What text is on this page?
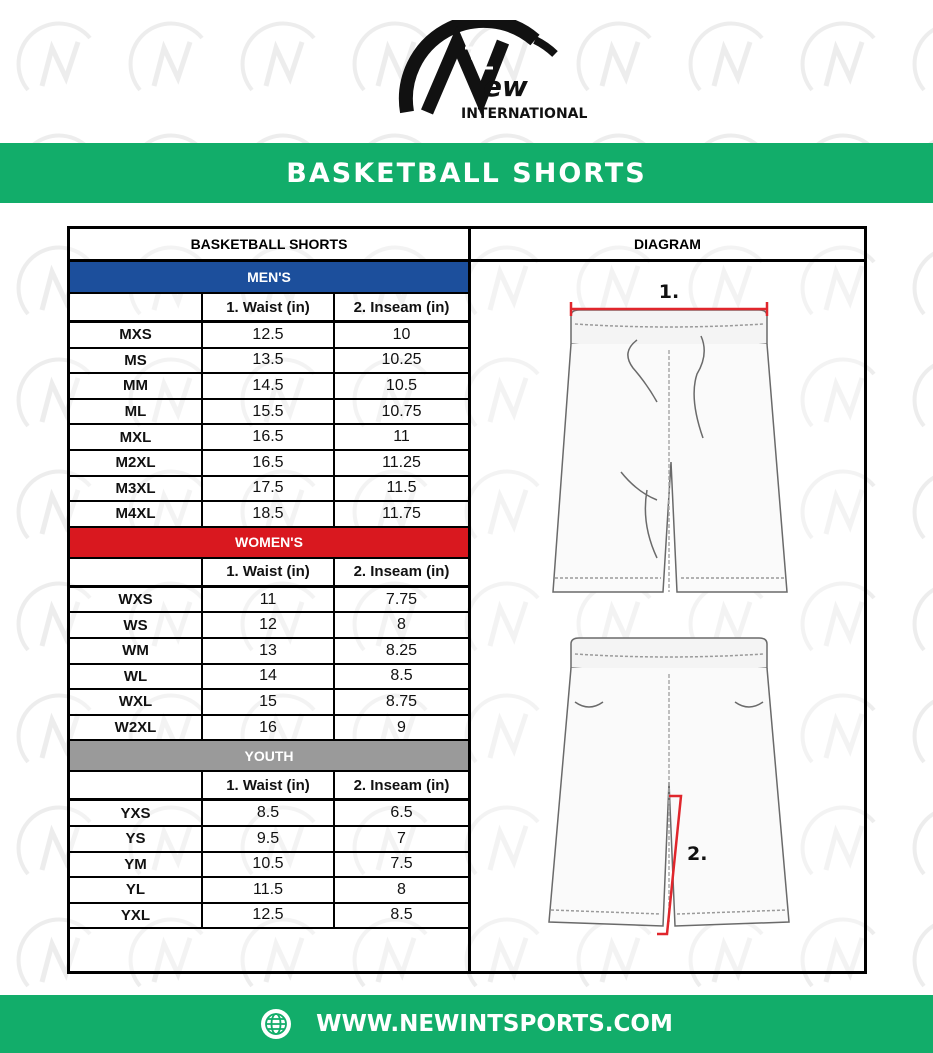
ew
INTERNATIONAL
BASKETBALL SHORTS
BASKETBALL SHORTS
MEN'S
	1. Waist (in)	2. Inseam (in)
MXS	12.5	10
MS	13.5	10.25
MM	14.5	10.5
ML	15.5	10.75
MXL	16.5	11
M2XL	16.5	11.25
M3XL	17.5	11.5
M4XL	18.5	11.75
WOMEN'S
	1. Waist (in)	2. Inseam (in)
WXS	11	7.75
WS	12	8
WM	13	8.25
WL	14	8.5
WXL	15	8.75
W2XL	16	9
YOUTH
	1. Waist (in)	2. Inseam (in)
YXS	8.5	6.5
YS	9.5	7
YM	10.5	7.5
YL	11.5	8
YXL	12.5	8.5
DIAGRAM
1.
2.
WWW.NEWINTSPORTS.COM
